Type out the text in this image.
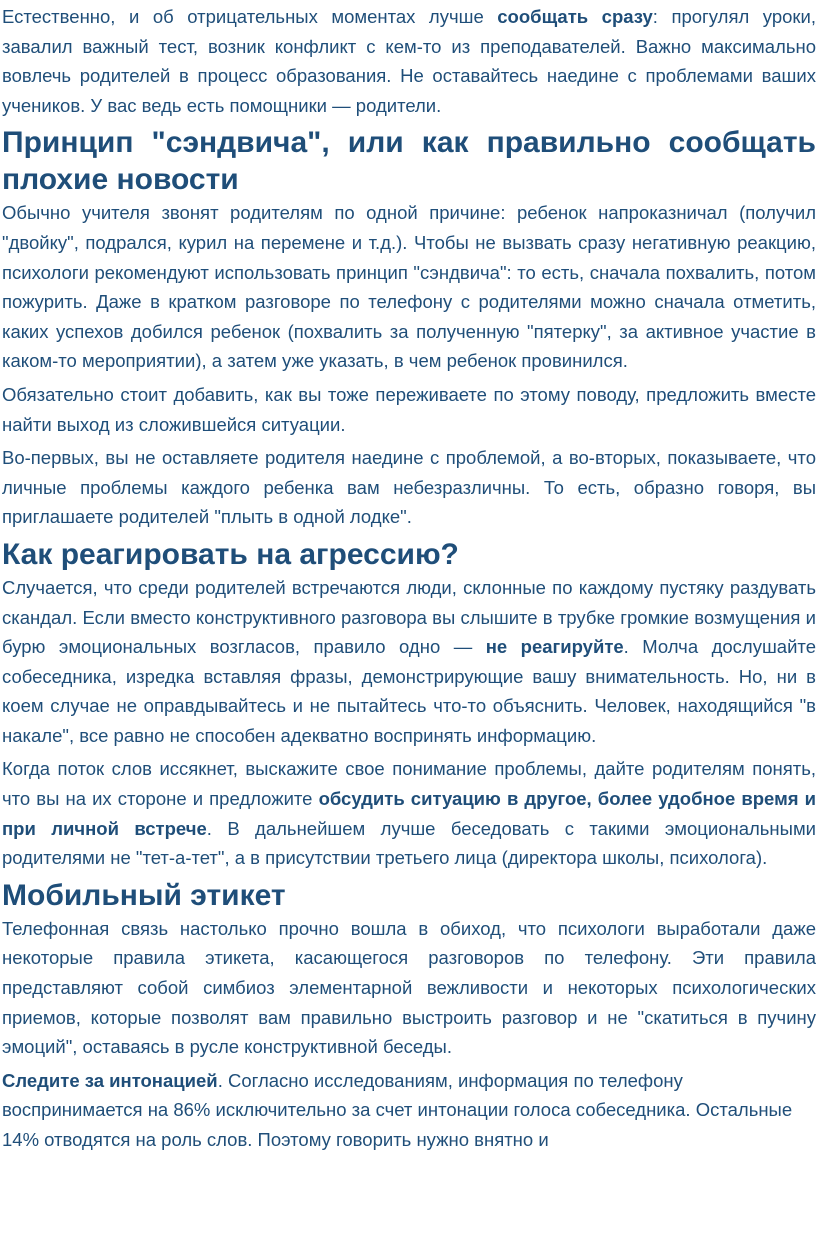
Естественно, и об отрицательных моментах лучше сообщать сразу: прогулял уроки, завалил важный тест, возник конфликт с кем-то из преподавателей. Важно максимально вовлечь родителей в процесс образования. Не оставайтесь наедине с проблемами ваших учеников. У вас ведь есть помощники — родители.

Принцип "сэндвича", или как правильно сообщать плохие новости

Обычно учителя звонят родителям по одной причине: ребенок напроказничал (получил "двойку", подрался, курил на перемене и т.д.). Чтобы не вызвать сразу негативную реакцию, психологи рекомендуют использовать принцип "сэндвича": то есть, сначала похвалить, потом пожурить. Даже в кратком разговоре по телефону с родителями можно сначала отметить, каких успехов добился ребенок (похвалить за полученную "пятерку", за активное участие в каком-то мероприятии), а затем уже указать, в чем ребенок провинился.

Обязательно стоит добавить, как вы тоже переживаете по этому поводу, предложить вместе найти выход из сложившейся ситуации.

Во-первых, вы не оставляете родителя наедине с проблемой, а во-вторых, показываете, что личные проблемы каждого ребенка вам небезразличны. То есть, образно говоря, вы приглашаете родителей "плыть в одной лодке".

Как реагировать на агрессию?

Случается, что среди родителей встречаются люди, склонные по каждому пустяку раздувать скандал. Если вместо конструктивного разговора вы слышите в трубке громкие возмущения и бурю эмоциональных возгласов, правило одно — не реагируйте. Молча дослушайте собеседника, изредка вставляя фразы, демонстрирующие вашу внимательность. Но, ни в коем случае не оправдывайтесь и не пытайтесь что-то объяснить. Человек, находящийся "в накале", все равно не способен адекватно воспринять информацию.

Когда поток слов иссякнет, выскажите свое понимание проблемы, дайте родителям понять, что вы на их стороне и предложите обсудить ситуацию в другое, более удобное время и при личной встрече. В дальнейшем лучше беседовать с такими эмоциональными родителями не "тет-а-тет", а в присутствии третьего лица (директора школы, психолога).

Мобильный этикет

Телефонная связь настолько прочно вошла в обиход, что психологи выработали даже некоторые правила этикета, касающегося разговоров по телефону. Эти правила представляют собой симбиоз элементарной вежливости и некоторых психологических приемов, которые позволят вам правильно выстроить разговор и не "скатиться в пучину эмоций", оставаясь в русле конструктивной беседы.

Следите за интонацией. Согласно исследованиям, информация по телефону воспринимается на 86% исключительно за счет интонации голоса собеседника. Остальные 14% отводятся на роль слов. Поэтому говорить нужно внятно и
